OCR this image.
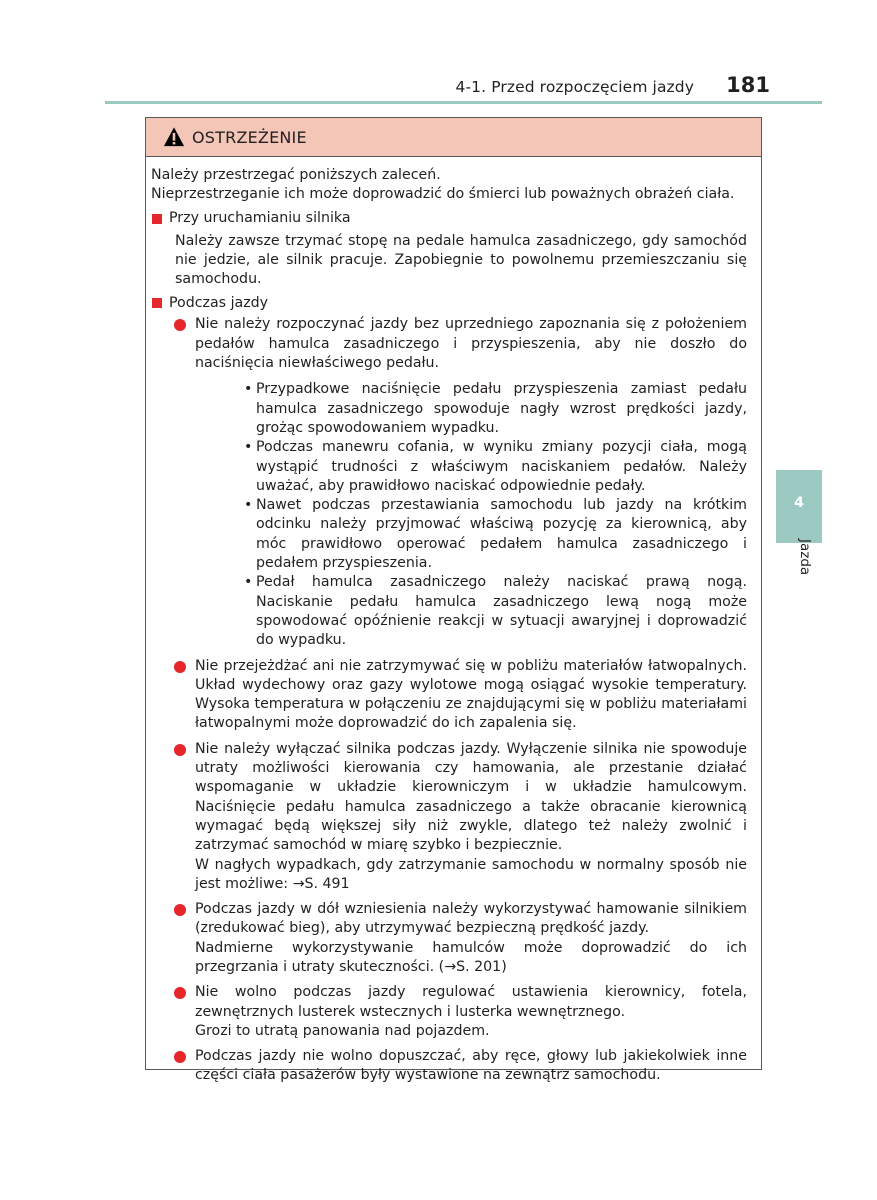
4-1. Przed rozpoczęciem jazdy 181
4
Jazda
OSTRZEŻENIE

Należy przestrzegać poniższych zaleceń.

Nieprzestrzeganie ich może doprowadzić do śmierci lub poważnych obrażeń ciała.

Przy uruchamianiu silnika

Należy zawsze trzymać stopę na pedale hamulca zasadniczego, gdy samochód nie jedzie, ale silnik pracuje. Zapobiegnie to powolnemu przemieszczaniu się samochodu.

Podczas jazdy
Nie należy rozpoczynać jazdy bez uprzedniego zapoznania się z położeniem pedałów hamulca zasadniczego i przyspieszenia, aby nie doszło do naciśnięcia niewłaściwego pedału.
• Przypadkowe naciśnięcie pedału przyspieszenia zamiast pedału hamulca zasadniczego spowoduje nagły wzrost prędkości jazdy, grożąc spowodowaniem wypadku.
• Podczas manewru cofania, w wyniku zmiany pozycji ciała, mogą wystąpić trudności z właściwym naciskaniem pedałów. Należy uważać, aby prawidłowo naciskać odpowiednie pedały.
• Nawet podczas przestawiania samochodu lub jazdy na krótkim odcinku należy przyjmować właściwą pozycję za kierownicą, aby móc prawidłowo operować pedałem hamulca zasadniczego i pedałem przyspieszenia.
• Pedał hamulca zasadniczego należy naciskać prawą nogą. Naciskanie pedału hamulca zasadniczego lewą nogą może spowodować opóźnienie reakcji w sytuacji awaryjnej i doprowadzić do wypadku.
Nie przejeżdżać ani nie zatrzymywać się w pobliżu materiałów łatwopalnych. Układ wydechowy oraz gazy wylotowe mogą osiągać wysokie temperatury. Wysoka temperatura w połączeniu ze znajdującymi się w pobliżu materiałami łatwopalnymi może doprowadzić do ich zapalenia się.
Nie należy wyłączać silnika podczas jazdy. Wyłączenie silnika nie spowoduje utraty możliwości kierowania czy hamowania, ale przestanie działać wspomaganie w układzie kierowniczym i w układzie hamulcowym. Naciśnięcie pedału hamulca zasadniczego a także obracanie kierownicą wymagać będą większej siły niż zwykle, dlatego też należy zwolnić i zatrzymać samochód w miarę szybko i bezpiecznie.
W nagłych wypadkach, gdy zatrzymanie samochodu w normalny sposób nie jest możliwe: →S. 491
Podczas jazdy w dół wzniesienia należy wykorzystywać hamowanie silnikiem (zredukować bieg), aby utrzymywać bezpieczną prędkość jazdy.
Nadmierne wykorzystywanie hamulców może doprowadzić do ich przegrzania i utraty skuteczności. (→S. 201)
Nie wolno podczas jazdy regulować ustawienia kierownicy, fotela, zewnętrznych lusterek wstecznych i lusterka wewnętrznego.
Grozi to utratą panowania nad pojazdem.
Podczas jazdy nie wolno dopuszczać, aby ręce, głowy lub jakiekolwiek inne części ciała pasażerów były wystawione na zewnątrz samochodu.
